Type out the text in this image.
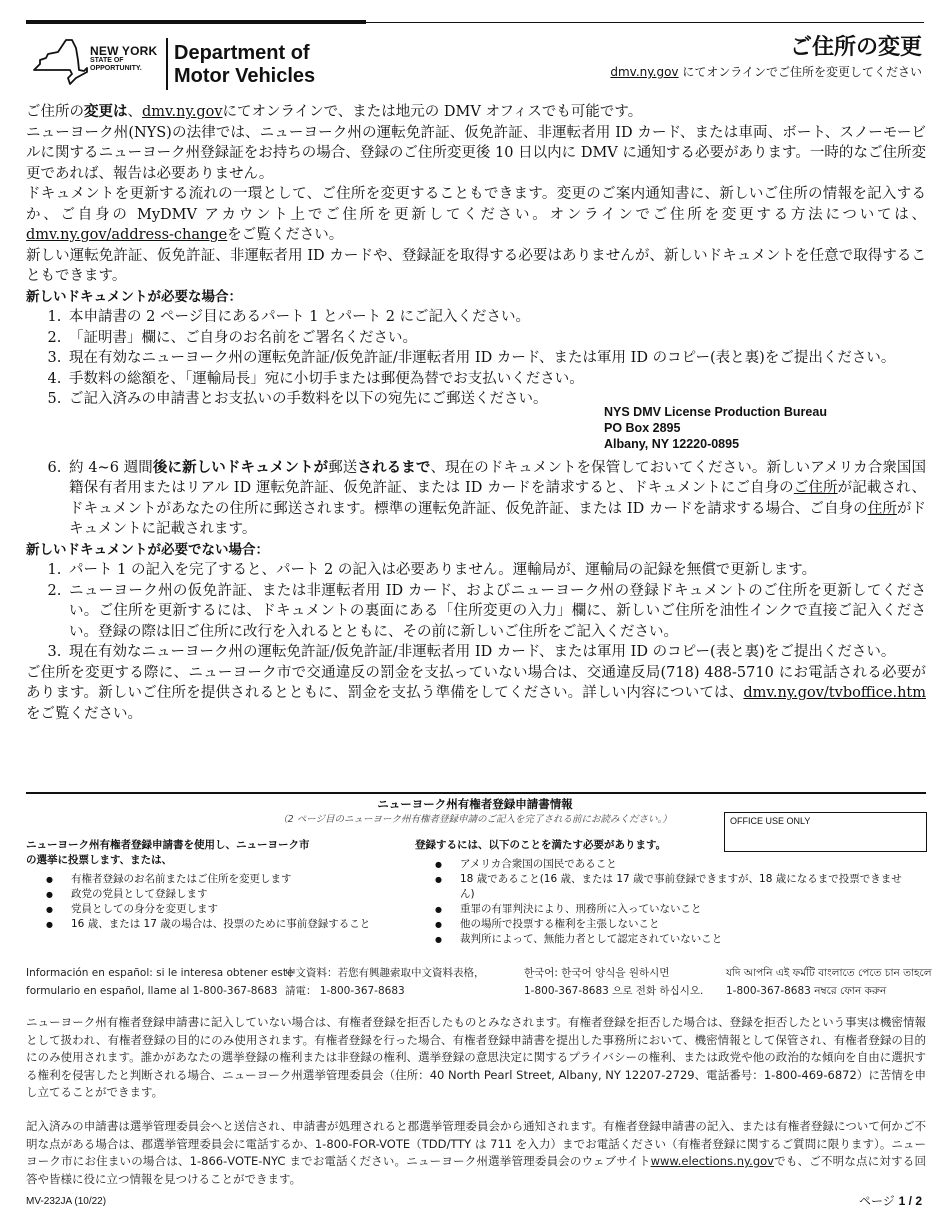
NEW YORK
STATE OF
OPPORTUNITY.
Department of
Motor Vehicles
ご住所の変更
dmv.ny.gov にてオンラインでご住所を変更してください

ご住所の変更は、dmv.ny.govにてオンラインで、または地元の DMV オフィスでも可能です。

ニューヨーク州(NYS)の法律では、ニューヨーク州の運転免許証、仮免許証、非運転者用 ID カード、または車両、ボート、スノーモービルに関するニューヨーク州登録証をお持ちの場合、登録のご住所変更後 10 日以内に DMV に通知する必要があります。一時的なご住所変更であれば、報告は必要ありません。

ドキュメントを更新する流れの一環として、ご住所を変更することもできます。変更のご案内通知書に、新しいご住所の情報を記入するか、ご自身の MyDMV アカウント上でご住所を更新してください。オンラインでご住所を変更する方法については、dmv.ny.gov/address-changeをご覧ください。

新しい運転免許証、仮免許証、非運転者用 ID カードや、登録証を取得する必要はありませんが、新しいドキュメントを任意で取得することもできます。

新しいドキュメントが必要な場合：

1. 本申請書の 2 ページ目にあるパート 1 とパート 2 にご記入ください。
2. 「証明書」欄に、ご自身のお名前をご署名ください。
3. 現在有効なニューヨーク州の運転免許証/仮免許証/非運転者用 ID カード、または軍用 ID のコピー(表と裏)をご提出ください。
4. 手数料の総額を、「運輸局長」宛に小切手または郵便為替でお支払いください。
5. ご記入済みの申請書とお支払いの手数料を以下の宛先にご郵送ください。
NYS DMV License Production Bureau
PO Box 2895
Albany, NY 12220-0895
6. 約 4~6 週間後に新しいドキュメントが郵送されるまで、現在のドキュメントを保管しておいてください。新しいアメリカ合衆国国籍保有者用またはリアル ID 運転免許証、仮免許証、または ID カードを請求すると、ドキュメントにご自身のご住所が記載され、ドキュメントがあなたの住所に郵送されます。標準の運転免許証、仮免許証、または ID カードを請求する場合、ご自身の住所がドキュメントに記載されます。

新しいドキュメントが必要でない場合：

1. パート 1 の記入を完了すると、パート 2 の記入は必要ありません。運輸局が、運輸局の記録を無償で更新します。
2. ニューヨーク州の仮免許証、または非運転者用 ID カード、およびニューヨーク州の登録ドキュメントのご住所を更新してください。ご住所を更新するには、ドキュメントの裏面にある「住所変更の入力」欄に、新しいご住所を油性インクで直接ご記入ください。登録の際は旧ご住所に改行を入れるとともに、その前に新しいご住所をご記入ください。
3. 現在有効なニューヨーク州の運転免許証/仮免許証/非運転者用 ID カード、または軍用 ID のコピー(表と裏)をご提出ください。

ご住所を変更する際に、ニューヨーク市で交通違反の罰金を支払っていない場合は、交通違反局(718) 488-5710 にお電話される必要があります。新しいご住所を提供されるとともに、罰金を支払う準備をしてください。詳しい内容については、dmv.ny.gov/tvboffice.htmをご覧ください。

ニューヨーク州有権者登録申請書情報
（2 ページ目のニューヨーク州有権者登録申請のご記入を完了される前にお読みください。）	OFFICE USE ONLY

ニューヨーク州有権者登録申請書を使用し、ニューヨーク市の選挙に投票します、または、

● 有権者登録のお名前またはご住所を変更します
● 政党の党員として登録します
● 党員としての身分を変更します
● 16 歳、または 17 歳の場合は、投票のために事前登録すること

登録するには、以下のことを満たす必要があります。

● アメリカ合衆国の国民であること
● 18 歳であること(16 歳、または 17 歳で事前登録できますが、18 歳になるまで投票できません)
● 重罪の有罪判決により、刑務所に入っていないこと
● 他の場所で投票する権利を主張しないこと
● 裁判所によって、無能力者として認定されていないこと
Información en español: si le interesa obtener este
formulario en español, llame al 1-800-367-8683
中文資料：若您有興趣索取中文資料表格，
請電： 1-800-367-8683
한국어: 한국어 양식을 원하시면
1-800-367-8683 으로 전화 하십시오.
যদি আপনি এই ফর্মটি বাংলাতে পেতে চান তাহলে
1-800-367-8683 নম্বরে ফোন করুন
ニューヨーク州有権者登録申請書に記入していない場合は、有権者登録を拒否したものとみなされます。有権者登録を拒否した場合は、登録を拒否したという事実は機密情報として扱われ、有権者登録の目的にのみ使用されます。有権者登録を行った場合、有権者登録申請書を提出した事務所において、機密情報として保管され、有権者登録の目的にのみ使用されます。誰かがあなたの選挙登録の権利または非登録の権利、選挙登録の意思決定に関するプライバシーの権利、または政党や他の政治的な傾向を自由に選択する権利を侵害したと判断される場合、ニューヨーク州選挙管理委員会（住所：40 North Pearl Street, Albany, NY 12207-2729、電話番号：1-800-469-6872）に苦情を申し立てることができます。
記入済みの申請書は選挙管理委員会へと送信され、申請書が処理されると郡選挙管理委員会から通知されます。有権者登録申請書の記入、または有権者登録について何かご不明な点がある場合は、郡選挙管理委員会に電話するか、1-800-FOR-VOTE（TDD/TTY は 711 を入力）までお電話ください（有権者登録に関するご質問に限ります）。ニューヨーク市にお住まいの場合は、1-866-VOTE-NYC までお電話ください。ニューヨーク州選挙管理委員会のウェブサイトwww.elections.ny.govでも、ご不明な点に対する回答や皆様に役に立つ情報を見つけることができます。
MV-232JA (10/22)	ページ 1 / 2
